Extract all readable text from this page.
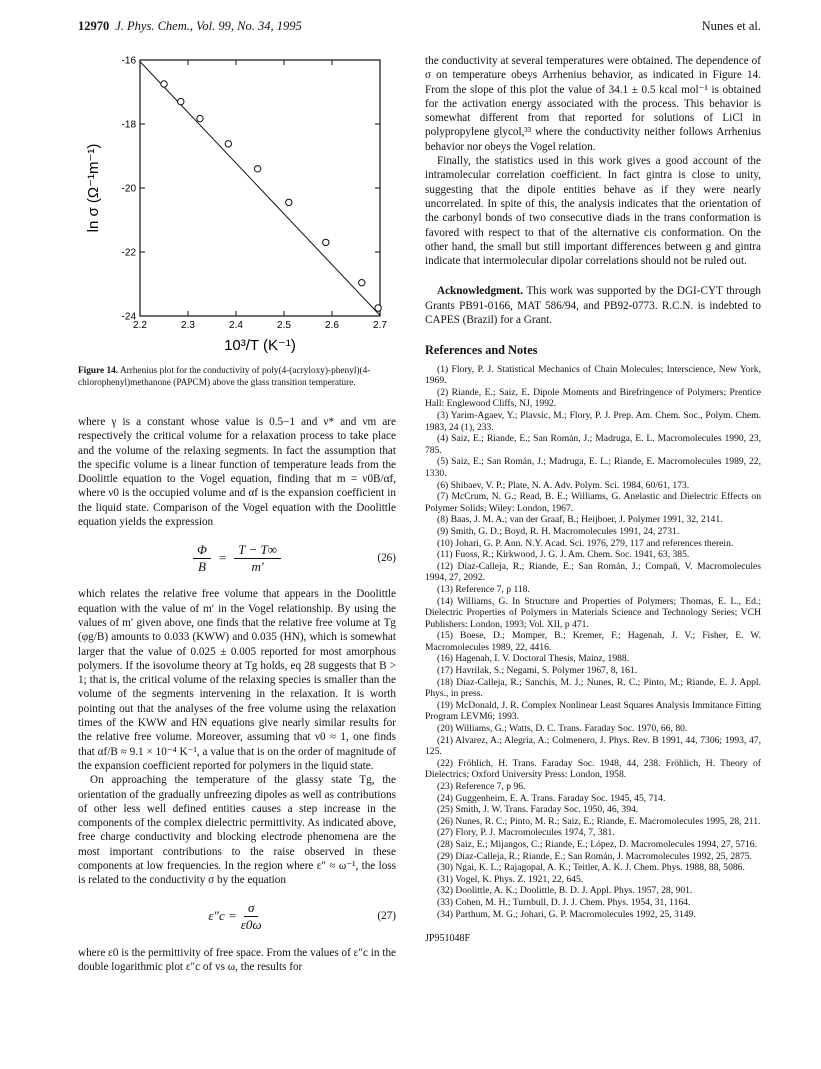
12970 J. Phys. Chem., Vol. 99, No. 34, 1995	Nunes et al.
2.2	2.3	2.4	2.5	2.6	2.7
-16
-18
-20
-22
-24
10³/T (K⁻¹)
ln σ (Ω⁻¹m⁻¹)
Figure 14. Arrhenius plot for the conductivity of poly(4-(acryloxy)-phenyl)(4-chlorophenyl)methanone (PAPCM) above the glass transition temperature.

where γ is a constant whose value is 0.5−1 and ν* and νm are respectively the critical volume for a relaxation process to take place and the volume of the relaxing segments. In fact the assumption that the specific volume is a linear function of temperature leads from the Doolittle equation to the Vogel equation, finding that m = ν0B/αf, where ν0 is the occupied volume and αf is the expansion coefficient in the liquid state. Comparison of the Vogel equation with the Doolittle equation yields the expression

$\frac{\Phi}{B} = \frac{T - T\infty}{m'}$	(26)

which relates the relative free volume that appears in the Doolittle equation with the value of m′ in the Vogel relationship. By using the values of m′ given above, one finds that the relative free volume at Tg (φg/B) amounts to 0.033 (KWW) and 0.035 (HN), which is somewhat larger that the value of 0.025 ± 0.005 reported for most amorphous polymers. If the isovolume theory at Tg holds, eq 28 suggests that B > 1; that is, the critical volume of the relaxing species is smaller than the volume of the segments intervening in the relaxation. It is worth pointing out that the analyses of the free volume using the relaxation times of the KWW and HN equations give nearly similar results for the relative free volume. Moreover, assuming that ν0 ≈ 1, one finds that αf/B ≈ 9.1 × 10⁻⁴ K⁻¹, a value that is on the order of magnitude of the expansion coefficient reported for polymers in the liquid state.

On approaching the temperature of the glassy state Tg, the orientation of the gradually unfreezing dipoles as well as contributions of other less well defined entities causes a step increase in the components of the complex dielectric permittivity. As indicated above, free charge conductivity and blocking electrode phenomena are the most important contributions to the raise observed in these components at low frequencies. In the region where ε″ ≈ ω⁻¹, the loss is related to the conductivity σ by the equation

$\varepsilon''c = \frac{\sigma}{\varepsilon 0\omega}$	(27)

where ε0 is the permittivity of free space. From the values of ε″c in the double logarithmic plot ε″c of vs ω, the results for

the conductivity at several temperatures were obtained. The dependence of σ on temperature obeys Arrhenius behavior, as indicated in Figure 14. From the slope of this plot the value of 34.1 ± 0.5 kcal mol⁻¹ is obtained for the activation energy associated with the process. This behavior is somewhat different from that reported for solutions of LiCl in polypropylene glycol,³³ where the conductivity neither follows Arrhenius behavior nor obeys the Vogel relation.

Finally, the statistics used in this work gives a good account of the intramolecular correlation coefficient. In fact gintra is close to unity, suggesting that the dipole entities behave as if they were nearly uncorrelated. In spite of this, the analysis indicates that the orientation of the carbonyl bonds of two consecutive diads in the trans conformation is favored with respect to that of the alternative cis conformation. On the other hand, the small but still important differences between g and gintra indicate that intermolecular dipolar correlations should not be ruled out.

Acknowledgment. This work was supported by the DGI-CYT through Grants PB91-0166, MAT 586/94, and PB92-0773. R.C.N. is indebted to CAPES (Brazil) for a Grant.

References and Notes

(1) Flory, P. J. Statistical Mechanics of Chain Molecules; Interscience, New York, 1969.

(2) Riande, E.; Saiz, E. Dipole Moments and Birefringence of Polymers; Prentice Hall: Englewood Cliffs, NJ, 1992.

(3) Yarim-Agaev, Y.; Plavsic, M.; Flory, P. J. Prep. Am. Chem. Soc., Polym. Chem. 1983, 24 (1), 233.

(4) Saiz, E.; Riande, E.; San Román, J.; Madruga, E. L. Macromolecules 1990, 23, 785.

(5) Saiz, E.; San Román, J.; Madruga, E. L.; Riande, E. Macromolecules 1989, 22, 1330.

(6) Shibaev, V. P.; Plate, N. A. Adv. Polym. Sci. 1984, 60/61, 173.

(7) McCrum, N. G.; Read, B. E.; Williams, G. Anelastic and Dielectric Effects on Polymer Solids; Wiley: London, 1967.

(8) Baas, J. M. A.; van der Graaf, B.; Heijboer, J. Polymer 1991, 32, 2141.

(9) Smith, G. D.; Boyd, R. H. Macromolecules 1991, 24, 2731.

(10) Johari, G. P. Ann. N.Y. Acad. Sci. 1976, 279, 117 and references therein.

(11) Fuoss, R.; Kirkwood, J. G. J. Am. Chem. Soc. 1941, 63, 385.

(12) Díaz-Calleja, R.; Riande, E.; San Román, J.; Compañ, V. Macromolecules 1994, 27, 2092.

(13) Reference 7, p 118.

(14) Williams, G. In Structure and Properties of Polymers; Thomas, E. L., Ed.; Dielectric Properties of Polymers in Materials Science and Technology Series; VCH Publishers: London, 1993; Vol. XII, p 471.

(15) Boese, D.; Momper, B.; Kremer, F.; Hagenah, J. V.; Fisher, E. W. Macromolecules 1989, 22, 4416.

(16) Hagenah, I. V. Doctoral Thesis, Mainz, 1988.

(17) Havrilak, S.; Negami, S. Polymer 1967, 8, 161.

(18) Díaz-Calleja, R.; Sanchís, M. J.; Nunes, R. C.; Pinto, M.; Riande, E. J. Appl. Phys., in press.

(19) McDonald, J. R. Complex Nonlinear Least Squares Analysis Immitance Fitting Program LEVM6; 1993.

(20) Williams, G.; Watts, D. C. Trans. Faraday Soc. 1970, 66, 80.

(21) Alvarez, A.; Alegria, A.; Colmenero, J. Phys. Rev. B 1991, 44, 7306; 1993, 47, 125.

(22) Fröhlich, H. Trans. Faraday Soc. 1948, 44, 238. Fröhlich, H. Theory of Dielectrics; Oxford University Press: London, 1958.

(23) Reference 7, p 96.

(24) Guggenheim, E. A. Trans. Faraday Soc. 1945, 45, 714.

(25) Smith, J. W. Trans. Faraday Soc. 1950, 46, 394.

(26) Nunes, R. C.; Pinto, M. R.; Saiz, E.; Riande, E. Macromolecules 1995, 28, 211.

(27) Flory, P. J. Macromolecules 1974, 7, 381.

(28) Saiz, E.; Mijangos, C.; Riande, E.; López, D. Macromolecules 1994, 27, 5716.

(29) Díaz-Calleja, R.; Riande, E.; San Román, J. Macromolecules 1992, 25, 2875.

(30) Ngai, K. L.; Rajagopal, A. K.; Teitler, A. K. J. Chem. Phys. 1988, 88, 5086.

(31) Vogel, K. Phys. Z. 1921, 22, 645.

(32) Doolittle, A. K.; Doolittle, B. D. J. Appl. Phys. 1957, 28, 901.

(33) Cohen, M. H.; Turnbull, D. J. J. Chem. Phys. 1954, 31, 1164.

(34) Parthum, M. G.; Johari, G. P. Macromolecules 1992, 25, 3149.

JP951048F
